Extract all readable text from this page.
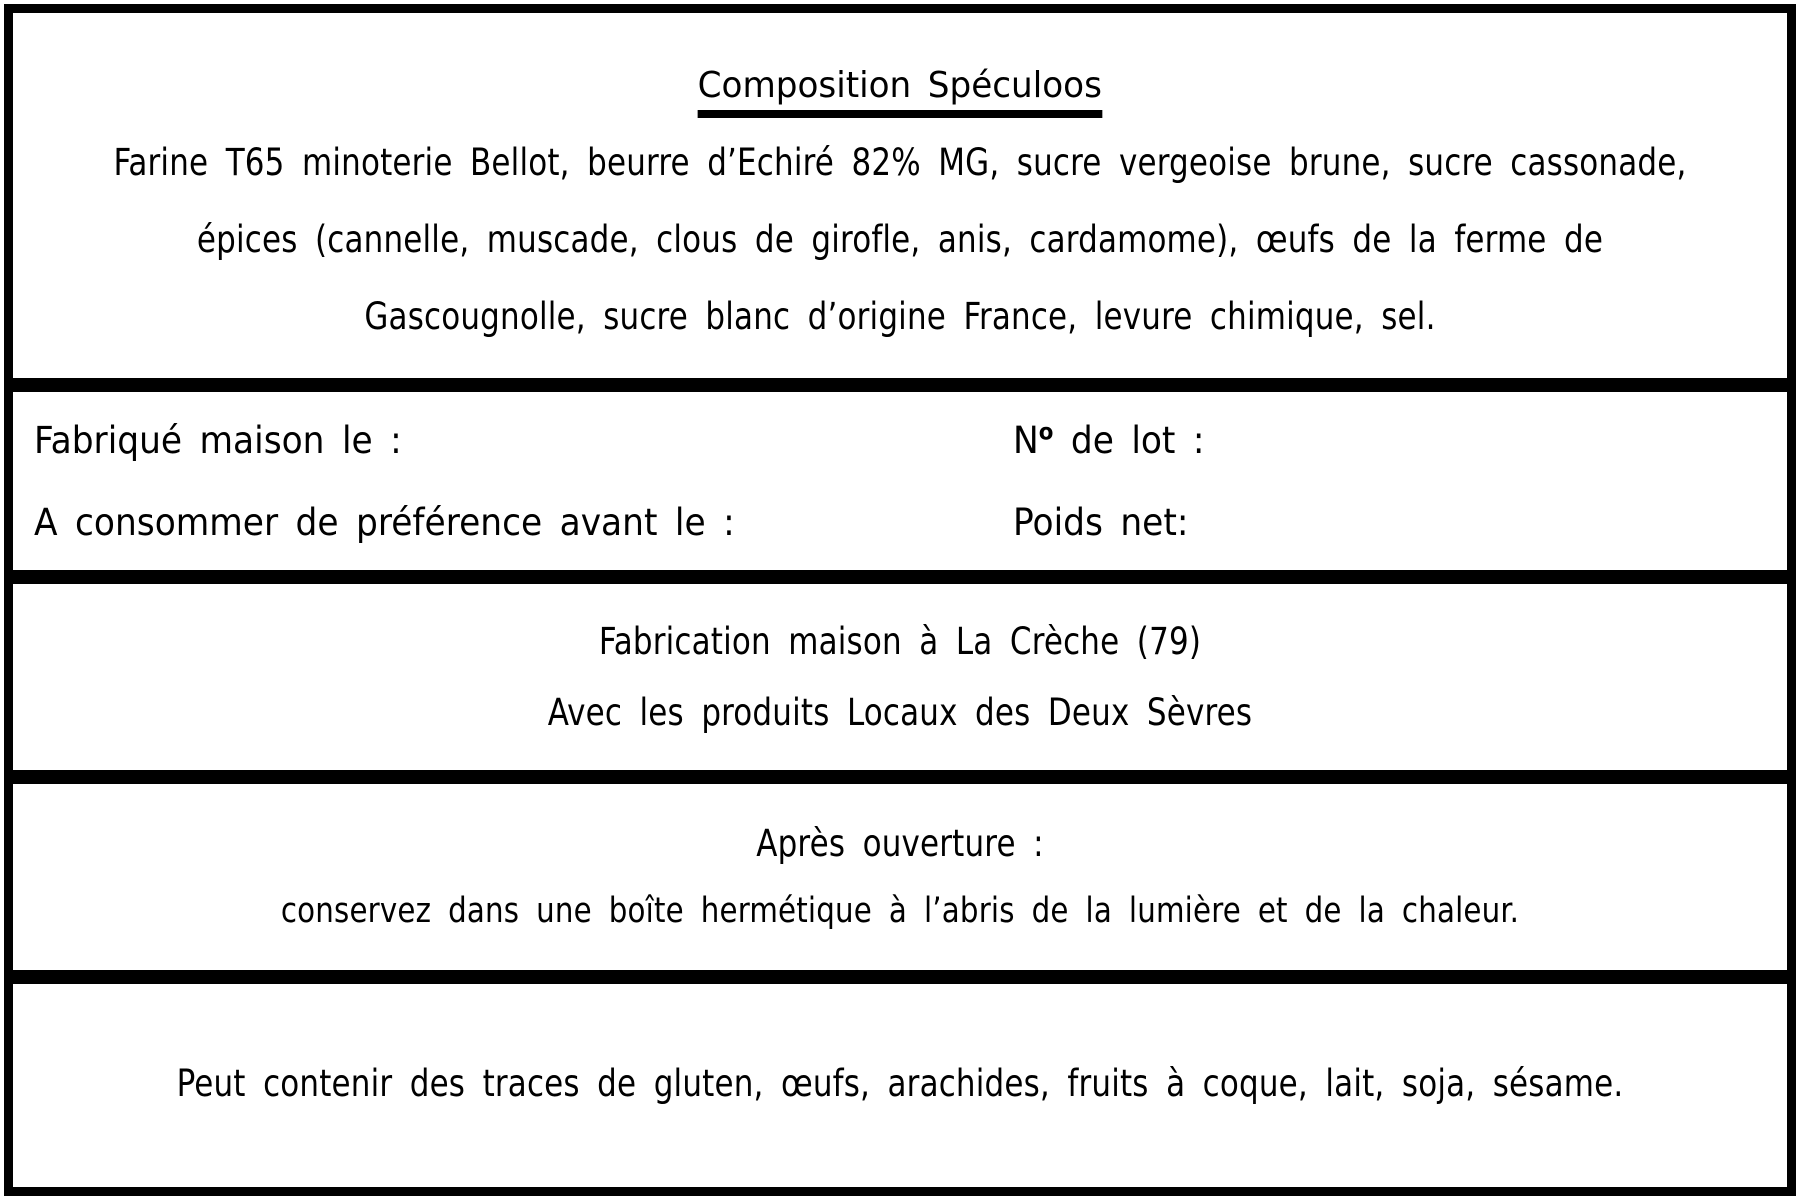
Composition Spéculoos
Farine T65 minoterie Bellot, beurre d’Echiré 82% MG, sucre vergeoise brune, sucre cassonade,
épices (cannelle, muscade, clous de girofle, anis, cardamome), œufs de la ferme de
Gascougnolle, sucre blanc d’origine France, levure chimique, sel.
Fabriqué maison le :	$N^o$ de lot :
A consommer de préférence avant le :	Poids net:
Fabrication maison à La Crèche (79)
Avec les produits Locaux des Deux Sèvres
Après ouverture :
conservez dans une boîte hermétique à l’abris de la lumière et de la chaleur.
Peut contenir des traces de gluten, œufs, arachides, fruits à coque, lait, soja, sésame.
